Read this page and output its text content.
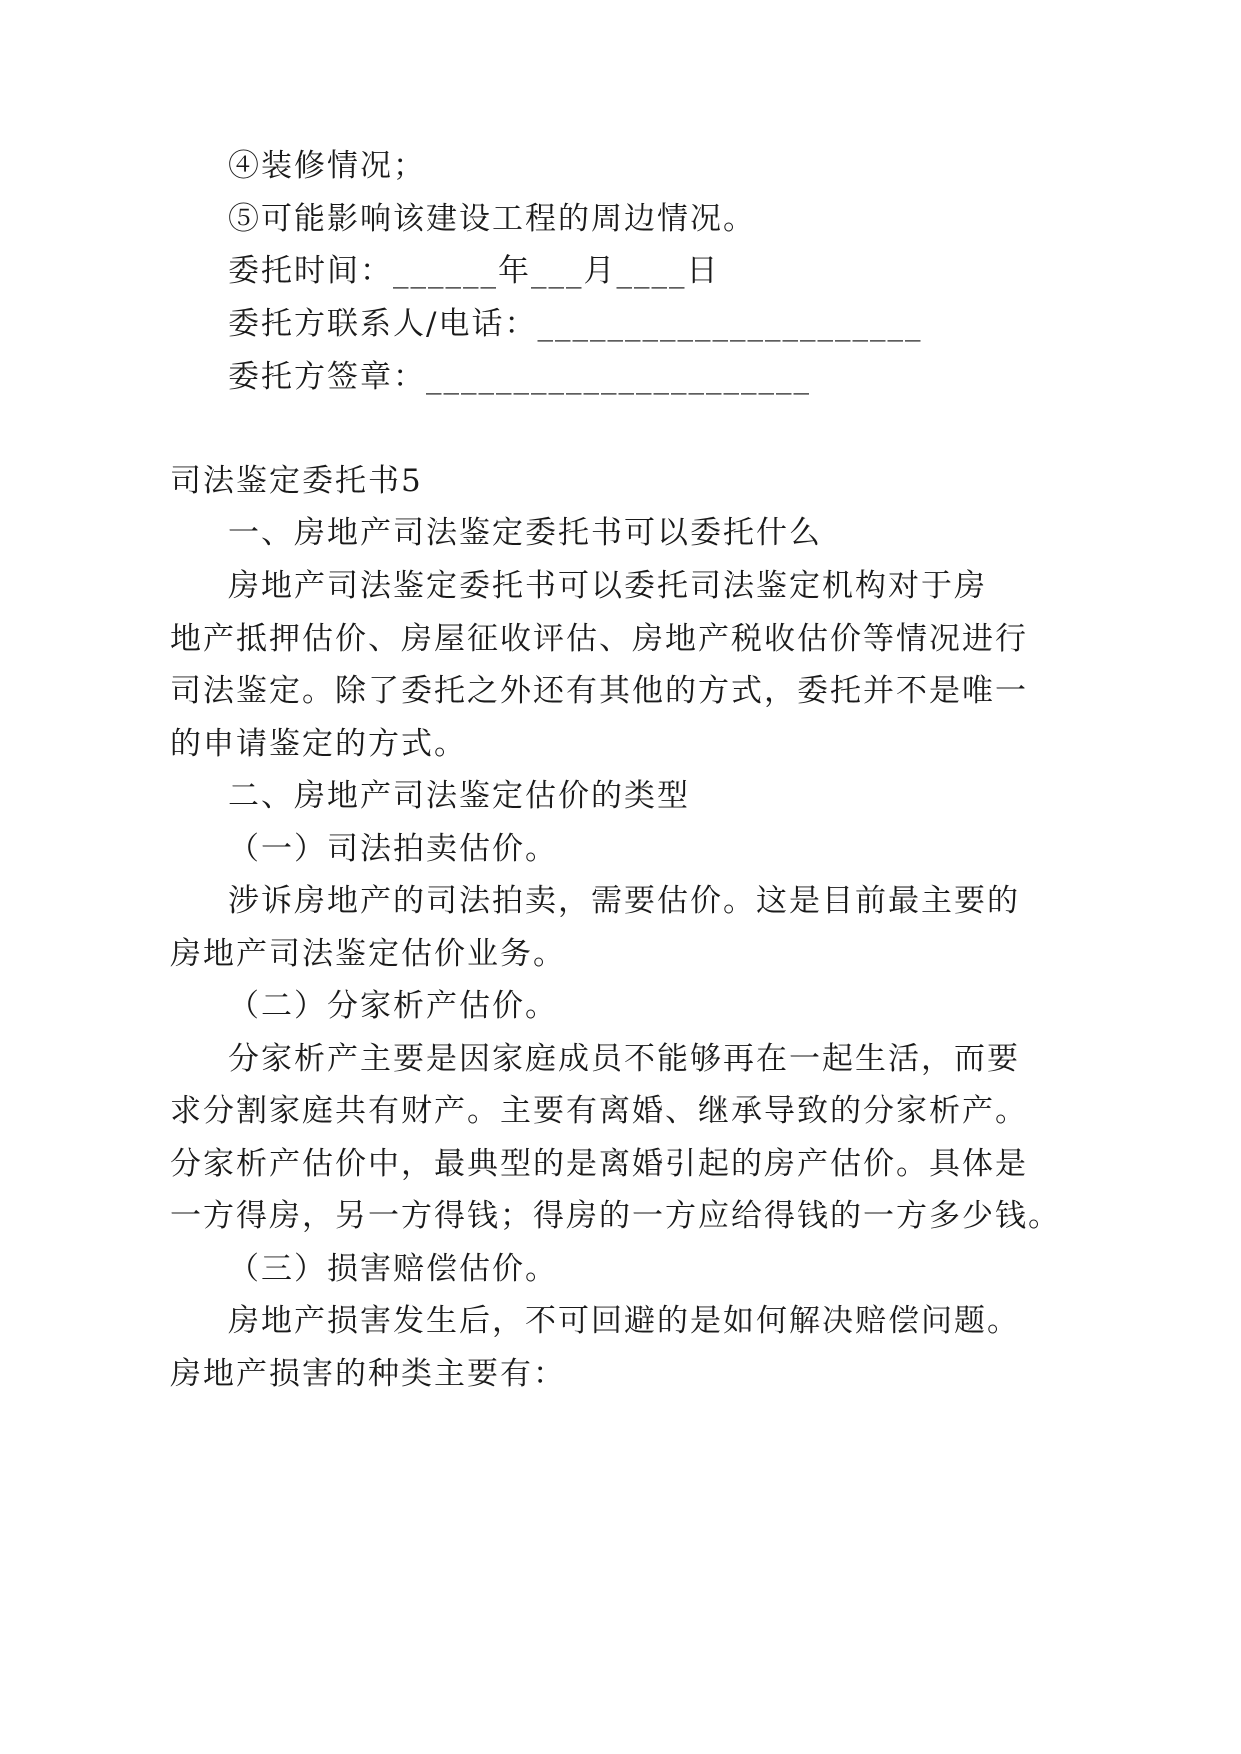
④装修情况；
⑤可能影响该建设工程的周边情况。
委托时间：______年___月____日
委托方联系人/电话：______________________
委托方签章：______________________
司法鉴定委托书5
一、房地产司法鉴定委托书可以委托什么
房地产司法鉴定委托书可以委托司法鉴定机构对于房
地产抵押估价、房屋征收评估、房地产税收估价等情况进行
司法鉴定。除了委托之外还有其他的方式，委托并不是唯一
的申请鉴定的方式。
二、房地产司法鉴定估价的类型
（一）司法拍卖估价。
涉诉房地产的司法拍卖，需要估价。这是目前最主要的
房地产司法鉴定估价业务。
（二）分家析产估价。
分家析产主要是因家庭成员不能够再在一起生活，而要
求分割家庭共有财产。主要有离婚、继承导致的分家析产。
分家析产估价中，最典型的是离婚引起的房产估价。具体是
一方得房，另一方得钱；得房的一方应给得钱的一方多少钱。
（三）损害赔偿估价。
房地产损害发生后，不可回避的是如何解决赔偿问题。
房地产损害的种类主要有：
